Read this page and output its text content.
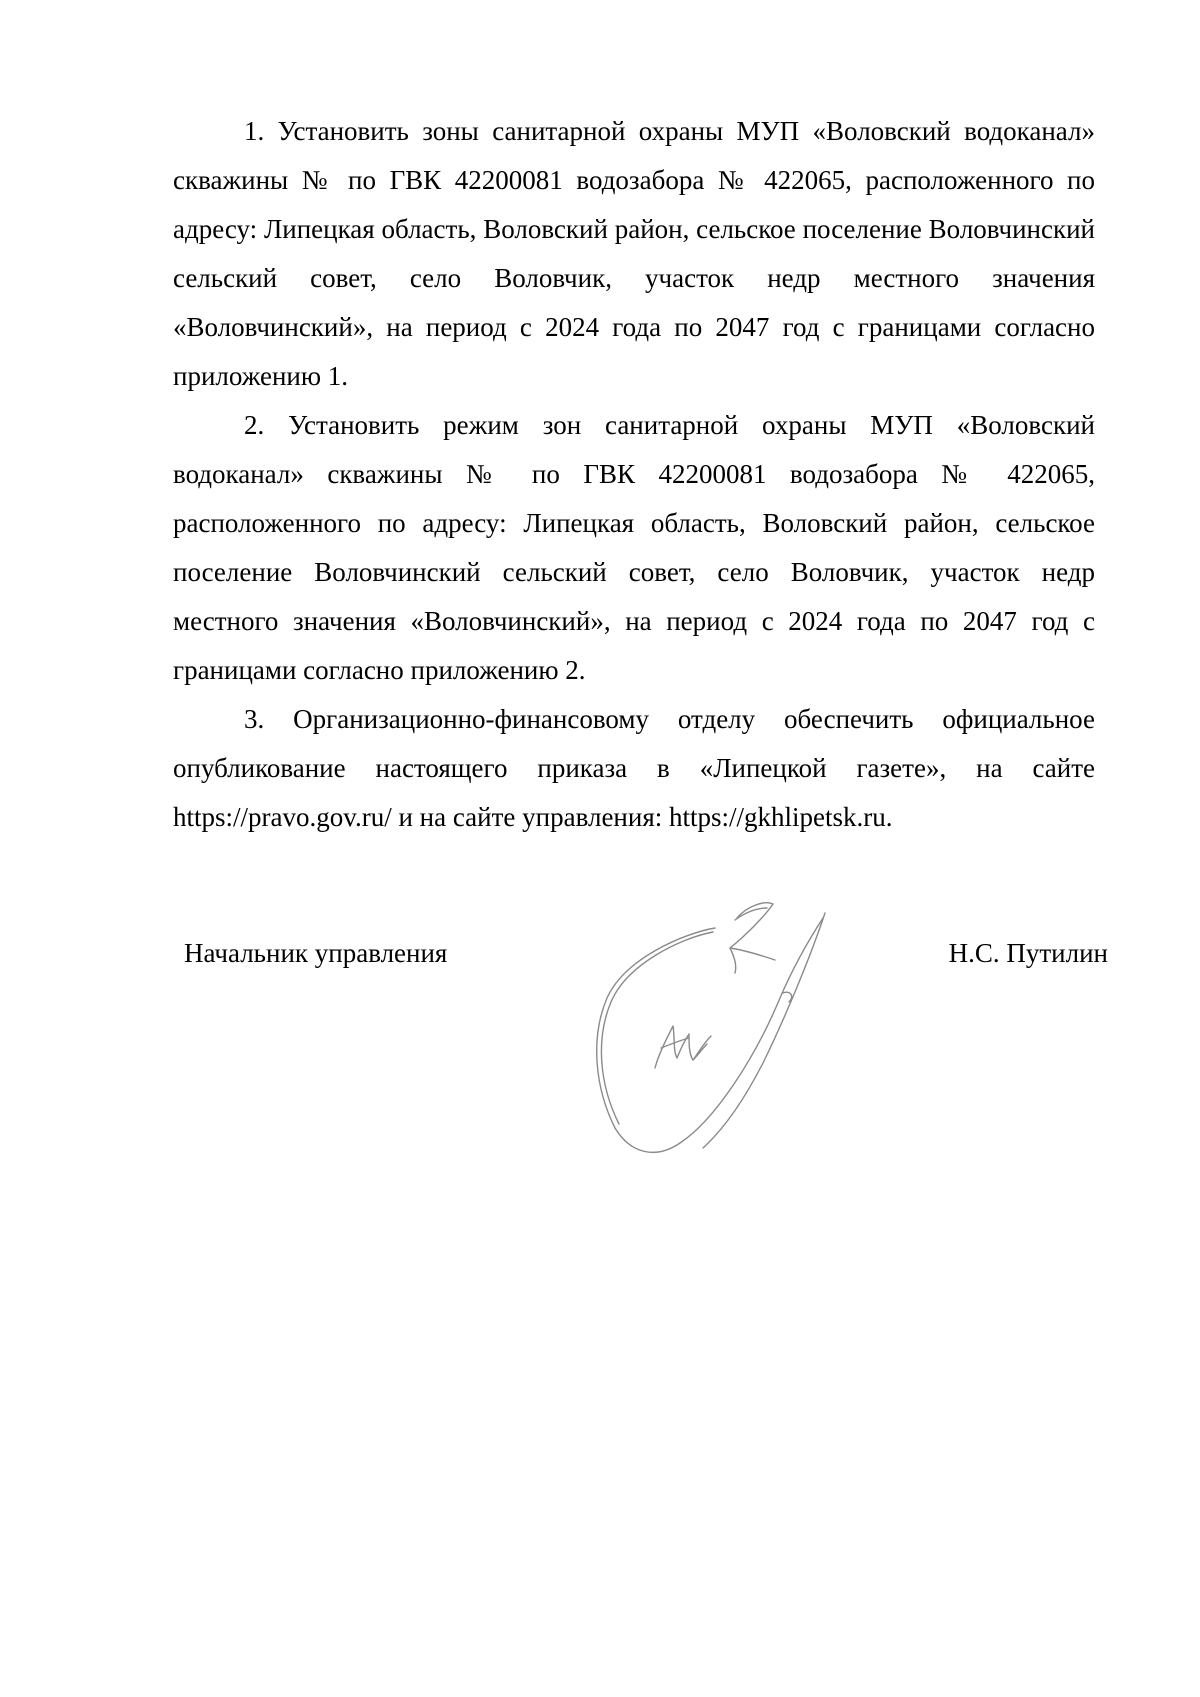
1. Установить зоны санитарной охраны МУП «Воловский водоканал» скважины № по ГВК 42200081 водозабора № 422065, расположенного по адресу: Липецкая область, Воловский район, сельское поселение Воловчинский сельский совет, село Воловчик, участок недр местного значения «Воловчинский», на период с 2024 года по 2047 год с границами согласно приложению 1.

2. Установить режим зон санитарной охраны МУП «Воловский водоканал» скважины № по ГВК 42200081 водозабора № 422065, расположенного по адресу: Липецкая область, Воловский район, сельское поселение Воловчинский сельский совет, село Воловчик, участок недр местного значения «Воловчинский», на период с 2024 года по 2047 год с границами согласно приложению 2.

3. Организационно-финансовому отделу обеспечить официальное опубликование настоящего приказа в «Липецкой газете», на сайте https://pravo.gov.ru/ и на сайте управления: https://gkhlipetsk.ru.

Начальник управления	Н.С. Путилин
